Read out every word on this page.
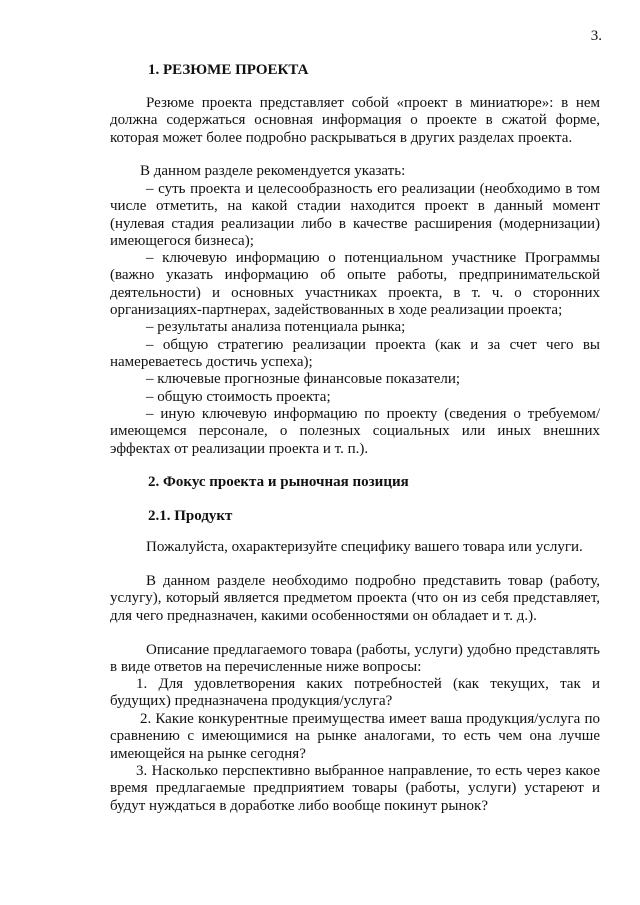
3.
1. РЕЗЮМЕ ПРОЕКТА
Резюме проекта представляет собой «проект в миниатюре»: в нем должна содержаться основная информация о проекте в сжатой форме, которая может более подробно раскрываться в других разделах проекта.
В данном разделе рекомендуется указать:
– суть проекта и целесообразность его реализации (необходимо в том числе отметить, на какой стадии находится проект в данный момент (нулевая стадия реализации либо в качестве расширения (модернизации) имеющегося бизнеса);
– ключевую информацию о потенциальном участнике Программы (важно указать информацию об опыте работы, предпринимательской деятельности) и основных участниках проекта, в т. ч. о сторонних организациях-партнерах, задействованных в ходе реализации проекта;
– результаты анализа потенциала рынка;
– общую стратегию реализации проекта (как и за счет чего вы намереваетесь достичь успеха);
– ключевые прогнозные финансовые показатели;
– общую стоимость проекта;
– иную ключевую информацию по проекту (сведения о требуемом/имеющемся персонале, о полезных социальных или иных внешних эффектах от реализации проекта и т. п.).
2. Фокус проекта и рыночная позиция
2.1. Продукт
Пожалуйста, охарактеризуйте специфику вашего товара или услуги.
В данном разделе необходимо подробно представить товар (работу, услугу), который является предметом проекта (что он из себя представляет, для чего предназначен, какими особенностями он обладает и т. д.).
Описание предлагаемого товара (работы, услуги) удобно представлять в виде ответов на перечисленные ниже вопросы:
1. Для удовлетворения каких потребностей (как текущих, так и будущих) предназначена продукция/услуга?
2. Какие конкурентные преимущества имеет ваша продукция/услуга по сравнению с имеющимися на рынке аналогами, то есть чем она лучше имеющейся на рынке сегодня?
3. Насколько перспективно выбранное направление, то есть через какое время предлагаемые предприятием товары (работы, услуги) устареют и будут нуждаться в доработке либо вообще покинут рынок?
